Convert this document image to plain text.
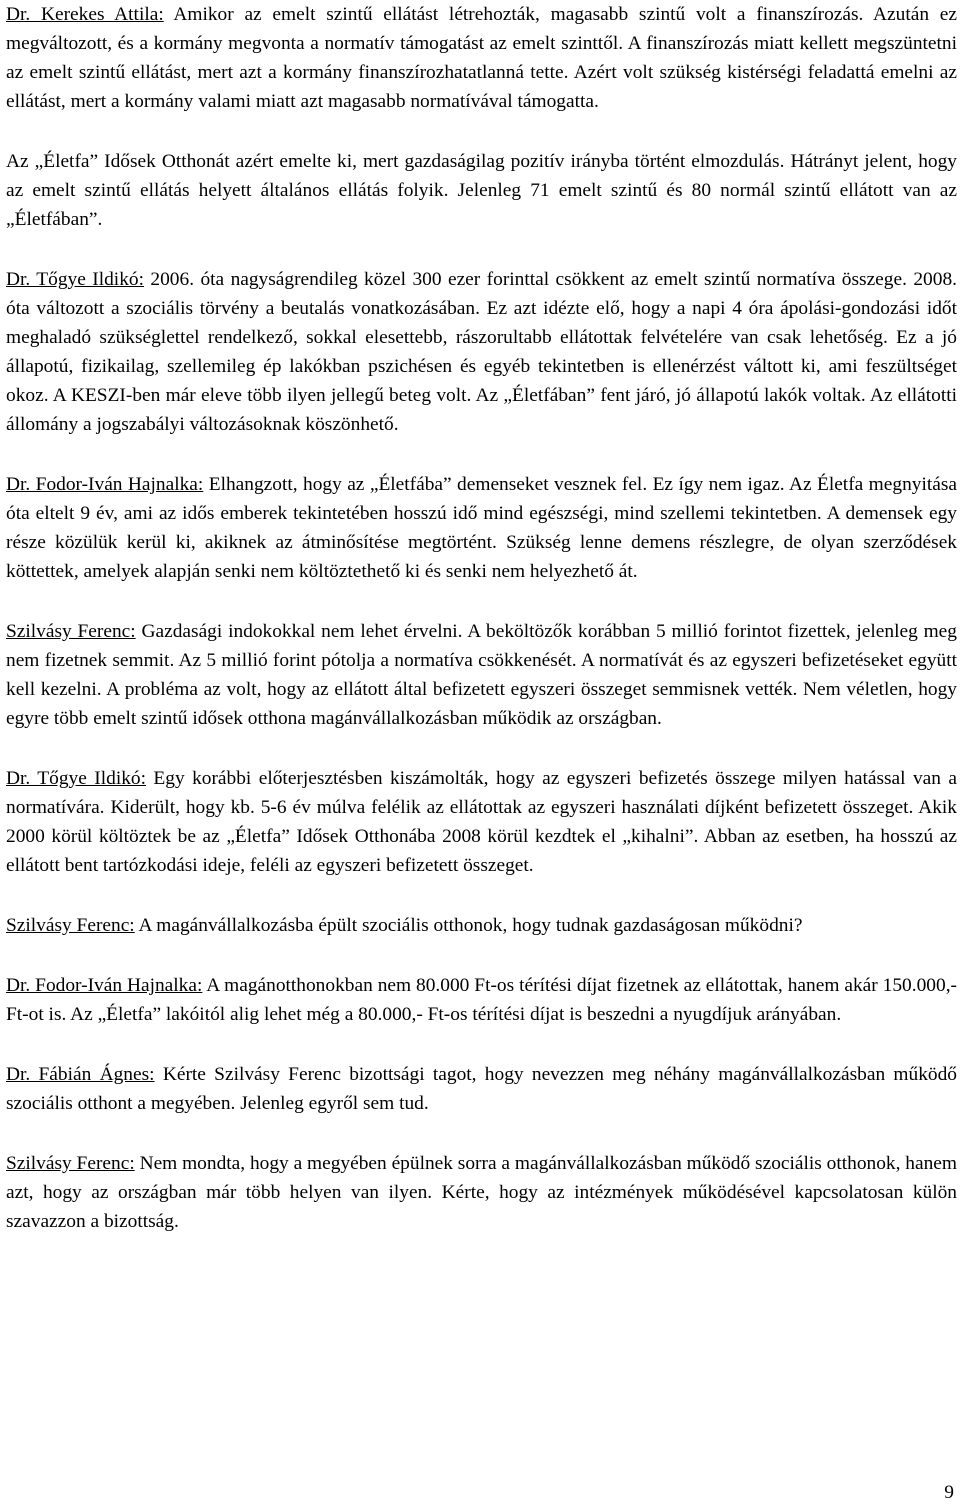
Dr. Kerekes Attila: Amikor az emelt szintű ellátást létrehozták, magasabb szintű volt a finanszírozás. Azután ez megváltozott, és a kormány megvonta a normatív támogatást az emelt szinttől. A finanszírozás miatt kellett megszüntetni az emelt szintű ellátást, mert azt a kormány finanszírozhatatlanná tette. Azért volt szükség kistérségi feladattá emelni az ellátást, mert a kormány valami miatt azt magasabb normatívával támogatta.

Az „Életfa” Idősek Otthonát azért emelte ki, mert gazdaságilag pozitív irányba történt elmozdulás. Hátrányt jelent, hogy az emelt szintű ellátás helyett általános ellátás folyik. Jelenleg 71 emelt szintű és 80 normál szintű ellátott van az „Életfában”.

Dr. Tőgye Ildikó: 2006. óta nagyságrendileg közel 300 ezer forinttal csökkent az emelt szintű normatíva összege. 2008. óta változott a szociális törvény a beutalás vonatkozásában. Ez azt idézte elő, hogy a napi 4 óra ápolási-gondozási időt meghaladó szükséglettel rendelkező, sokkal elesettebb, rászorultabb ellátottak felvételére van csak lehetőség. Ez a jó állapotú, fizikailag, szellemileg ép lakókban pszichésen és egyéb tekintetben is ellenérzést váltott ki, ami feszültséget okoz. A KESZI-ben már eleve több ilyen jellegű beteg volt. Az „Életfában” fent járó, jó állapotú lakók voltak. Az ellátotti állomány a jogszabályi változásoknak köszönhető.

Dr. Fodor-Iván Hajnalka: Elhangzott, hogy az „Életfába” demenseket vesznek fel. Ez így nem igaz. Az Életfa megnyitása óta eltelt 9 év, ami az idős emberek tekintetében hosszú idő mind egészségi, mind szellemi tekintetben. A demensek egy része közülük kerül ki, akiknek az átminősítése megtörtént. Szükség lenne demens részlegre, de olyan szerződések köttettek, amelyek alapján senki nem költöztethető ki és senki nem helyezhető át.

Szilvásy Ferenc: Gazdasági indokokkal nem lehet érvelni. A beköltözők korábban 5 millió forintot fizettek, jelenleg meg nem fizetnek semmit. Az 5 millió forint pótolja a normatíva csökkenését. A normatívát és az egyszeri befizetéseket együtt kell kezelni. A probléma az volt, hogy az ellátott által befizetett egyszeri összeget semmisnek vették. Nem véletlen, hogy egyre több emelt szintű idősek otthona magánvállalkozásban működik az országban.

Dr. Tőgye Ildikó: Egy korábbi előterjesztésben kiszámolták, hogy az egyszeri befizetés összege milyen hatással van a normatívára. Kiderült, hogy kb. 5-6 év múlva felélik az ellátottak az egyszeri használati díjként befizetett összeget. Akik 2000 körül költöztek be az „Életfa” Idősek Otthonába 2008 körül kezdtek el „kihalni”. Abban az esetben, ha hosszú az ellátott bent tartózkodási ideje, feléli az egyszeri befizetett összeget.

Szilvásy Ferenc: A magánvállalkozásba épült szociális otthonok, hogy tudnak gazdaságosan működni?

Dr. Fodor-Iván Hajnalka: A magánotthonokban nem 80.000 Ft-os térítési díjat fizetnek az ellátottak, hanem akár 150.000,- Ft-ot is. Az „Életfa” lakóitól alig lehet még a 80.000,- Ft-os térítési díjat is beszedni a nyugdíjuk arányában.

Dr. Fábián Ágnes: Kérte Szilvásy Ferenc bizottsági tagot, hogy nevezzen meg néhány magánvállalkozásban működő szociális otthont a megyében. Jelenleg egyről sem tud.

Szilvásy Ferenc: Nem mondta, hogy a megyében épülnek sorra a magánvállalkozásban működő szociális otthonok, hanem azt, hogy az országban már több helyen van ilyen. Kérte, hogy az intézmények működésével kapcsolatosan külön szavazzon a bizottság.

9
